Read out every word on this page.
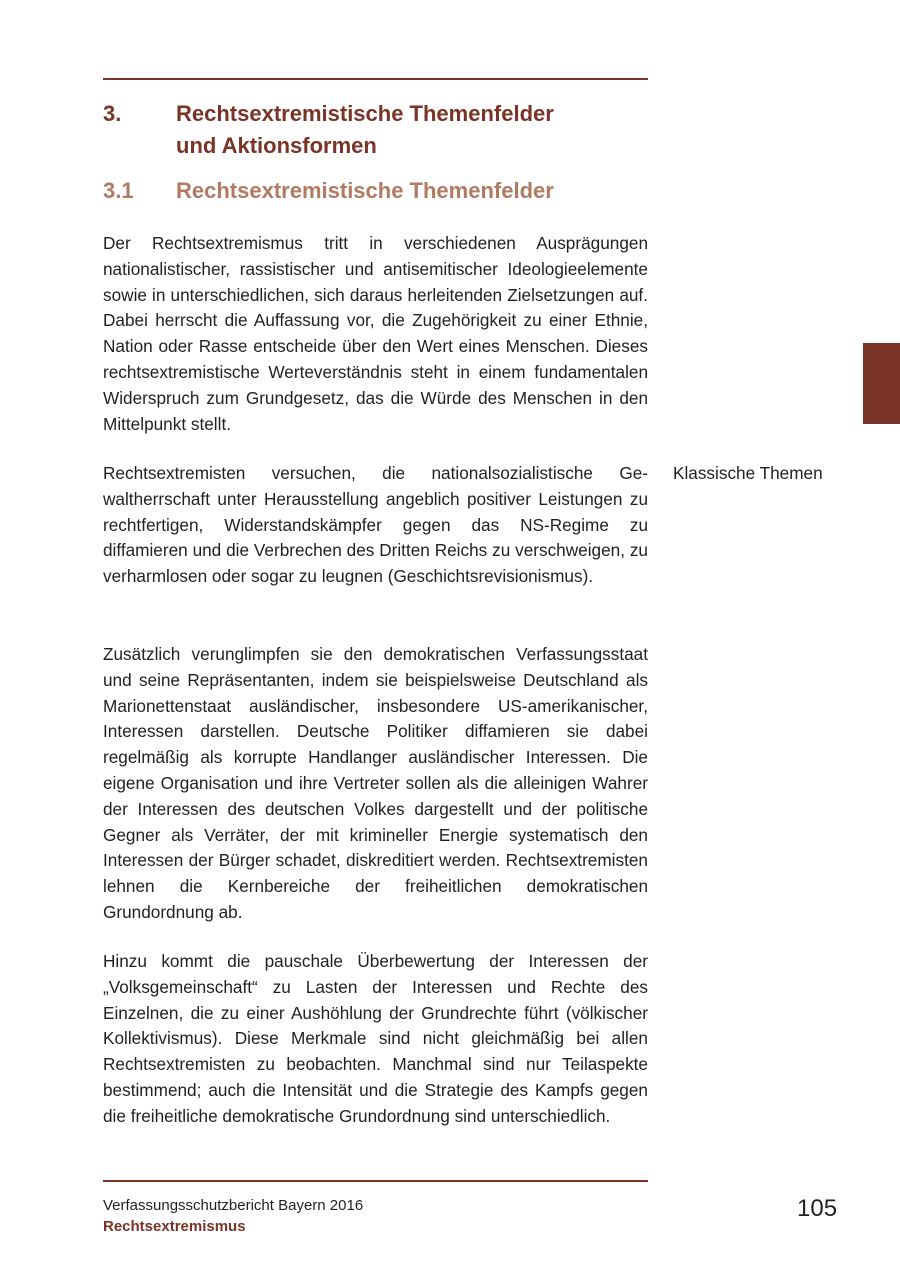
3. Rechtsextremistische Themenfelder
und Aktionsformen
3.1 Rechtsextremistische Themenfelder

Der Rechtsextremismus tritt in verschiedenen Ausprägungen nationalistischer, rassistischer und antisemitischer Ideologieelemente sowie in unterschiedlichen, sich daraus herleitenden Zielsetzungen auf. Dabei herrscht die Auffassung vor, die Zugehörigkeit zu einer Ethnie, Nation oder Rasse entscheide über den Wert eines Menschen. Dieses rechtsextremistische Werteverständnis steht in einem fundamentalen Widerspruch zum Grundgesetz, das die Würde des Menschen in den Mittelpunkt stellt.

Rechtsextremisten versuchen, die nationalsozialistische Gewaltherrschaft unter Herausstellung angeblich positiver Leistungen zu rechtfertigen, Widerstandskämpfer gegen das NS-Regime zu diffamieren und die Verbrechen des Dritten Reichs zu verschweigen, zu verharmlosen oder sogar zu leugnen (Geschichtsrevisionismus).

Zusätzlich verunglimpfen sie den demokratischen Verfassungsstaat und seine Repräsentanten, indem sie beispielsweise Deutschland als Marionettenstaat ausländischer, insbesondere US-amerikanischer, Interessen darstellen. Deutsche Politiker diffamieren sie dabei regelmäßig als korrupte Handlanger ausländischer Interessen. Die eigene Organisation und ihre Vertreter sollen als die alleinigen Wahrer der Interessen des deutschen Volkes dargestellt und der politische Gegner als Verräter, der mit krimineller Energie systematisch den Interessen der Bürger schadet, diskreditiert werden. Rechtsextremisten lehnen die Kernbereiche der freiheitlichen demokratischen Grundordnung ab.

Hinzu kommt die pauschale Überbewertung der Interessen der „Volksgemeinschaft“ zu Lasten der Interessen und Rechte des Einzelnen, die zu einer Aushöhlung der Grundrechte führt (völkischer Kollektivismus). Diese Merkmale sind nicht gleichmäßig bei allen Rechtsextremisten zu beobachten. Manchmal sind nur Teilaspekte bestimmend; auch die Intensität und die Strategie des Kampfs gegen die freiheitliche demokratische Grundordnung sind unterschiedlich.

Klassische Themen
Verfassungsschutzbericht Bayern 2016
Rechtsextremismus
105
